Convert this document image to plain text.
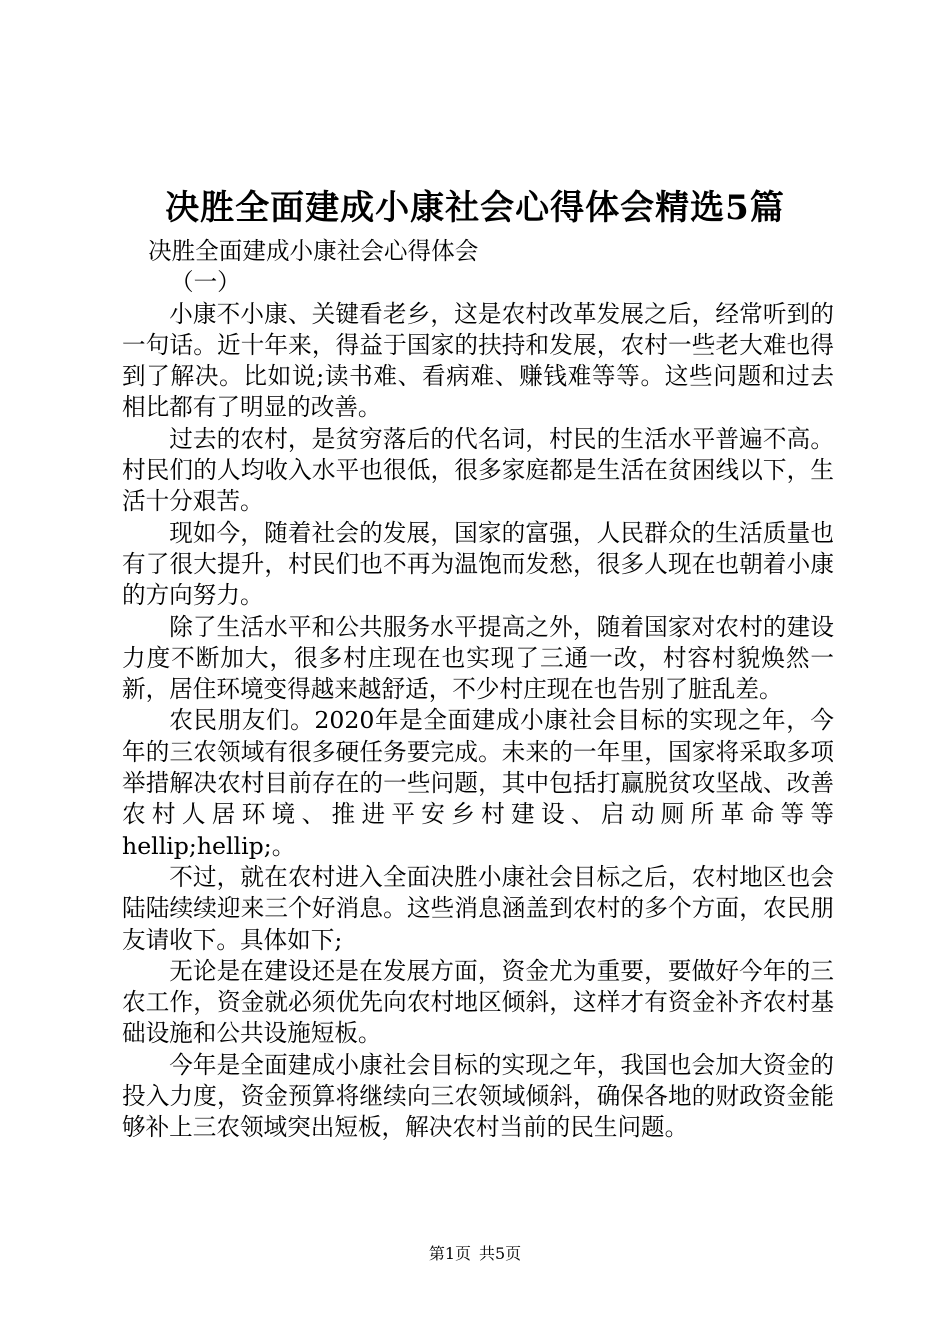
决胜全面建成小康社会心得体会精选5篇

决胜全面建成小康社会心得体会

（一）

小康不小康、关键看老乡，这是农村改革发展之后，经常听到的一句话。近十年来，得益于国家的扶持和发展，农村一些老大难也得到了解决。比如说;读书难、看病难、赚钱难等等。这些问题和过去相比都有了明显的改善。

过去的农村，是贫穷落后的代名词，村民的生活水平普遍不高。村民们的人均收入水平也很低，很多家庭都是生活在贫困线以下，生活十分艰苦。

现如今，随着社会的发展，国家的富强，人民群众的生活质量也有了很大提升，村民们也不再为温饱而发愁，很多人现在也朝着小康的方向努力。

除了生活水平和公共服务水平提高之外，随着国家对农村的建设力度不断加大，很多村庄现在也实现了三通一改，村容村貌焕然一新，居住环境变得越来越舒适，不少村庄现在也告别了脏乱差。

农民朋友们。2020年是全面建成小康社会目标的实现之年，今年的三农领域有很多硬任务要完成。未来的一年里，国家将采取多项举措解决农村目前存在的一些问题，其中包括打赢脱贫攻坚战、改善农村人居环境、推进平安乡村建设、启动厕所革命等等hellip;hellip;。

不过，就在农村进入全面决胜小康社会目标之后，农村地区也会陆陆续续迎来三个好消息。这些消息涵盖到农村的多个方面，农民朋友请收下。具体如下;

无论是在建设还是在发展方面，资金尤为重要，要做好今年的三农工作，资金就必须优先向农村地区倾斜，这样才有资金补齐农村基础设施和公共设施短板。

今年是全面建成小康社会目标的实现之年，我国也会加大资金的投入力度，资金预算将继续向三农领域倾斜，确保各地的财政资金能够补上三农领域突出短板，解决农村当前的民生问题。

第1页 共5页
